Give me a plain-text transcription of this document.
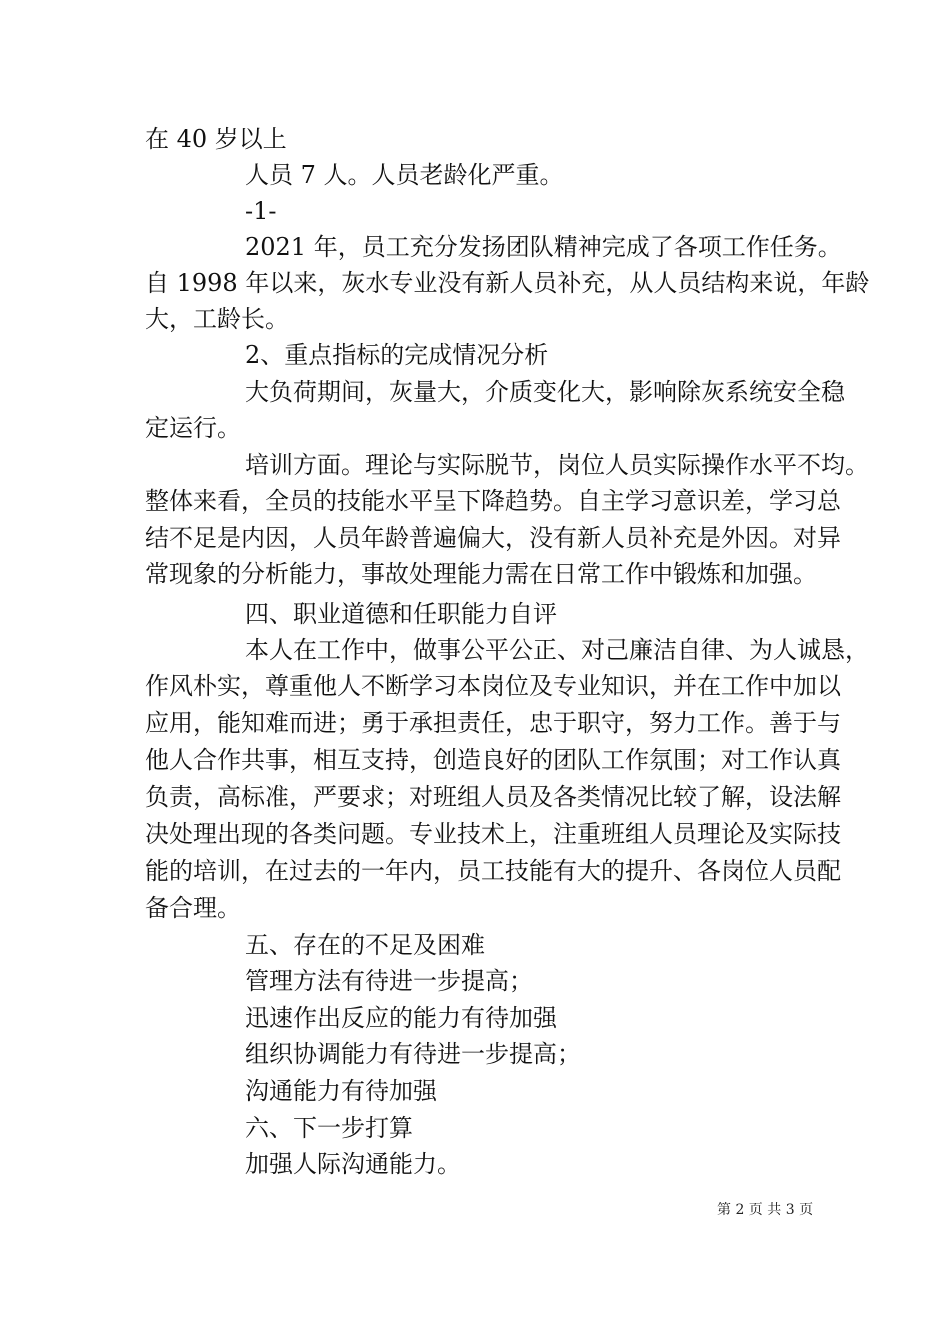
在 40 岁以上

人员 7 人。人员老龄化严重。

-1-

2021 年，员工充分发扬团队精神完成了各项工作任务。

自 1998 年以来，灰水专业没有新人员补充，从人员结构来说，年龄

大，工龄长。

2、重点指标的完成情况分析

大负荷期间，灰量大，介质变化大，影响除灰系统安全稳

定运行。

培训方面。理论与实际脱节，岗位人员实际操作水平不均。

整体来看，全员的技能水平呈下降趋势。自主学习意识差，学习总

结不足是内因，人员年龄普遍偏大，没有新人员补充是外因。对异

常现象的分析能力，事故处理能力需在日常工作中锻炼和加强。

四、职业道德和任职能力自评

本人在工作中，做事公平公正、对己廉洁自律、为人诚恳，

作风朴实，尊重他人不断学习本岗位及专业知识，并在工作中加以

应用，能知难而进；勇于承担责任，忠于职守，努力工作。善于与

他人合作共事，相互支持，创造良好的团队工作氛围；对工作认真

负责，高标准，严要求；对班组人员及各类情况比较了解，设法解

决处理出现的各类问题。专业技术上，注重班组人员理论及实际技

能的培训，在过去的一年内，员工技能有大的提升、各岗位人员配

备合理。

五、存在的不足及困难

管理方法有待进一步提高；

迅速作出反应的能力有待加强

组织协调能力有待进一步提高；

沟通能力有待加强

六、下一步打算

加强人际沟通能力。

第 2 页 共 3 页
